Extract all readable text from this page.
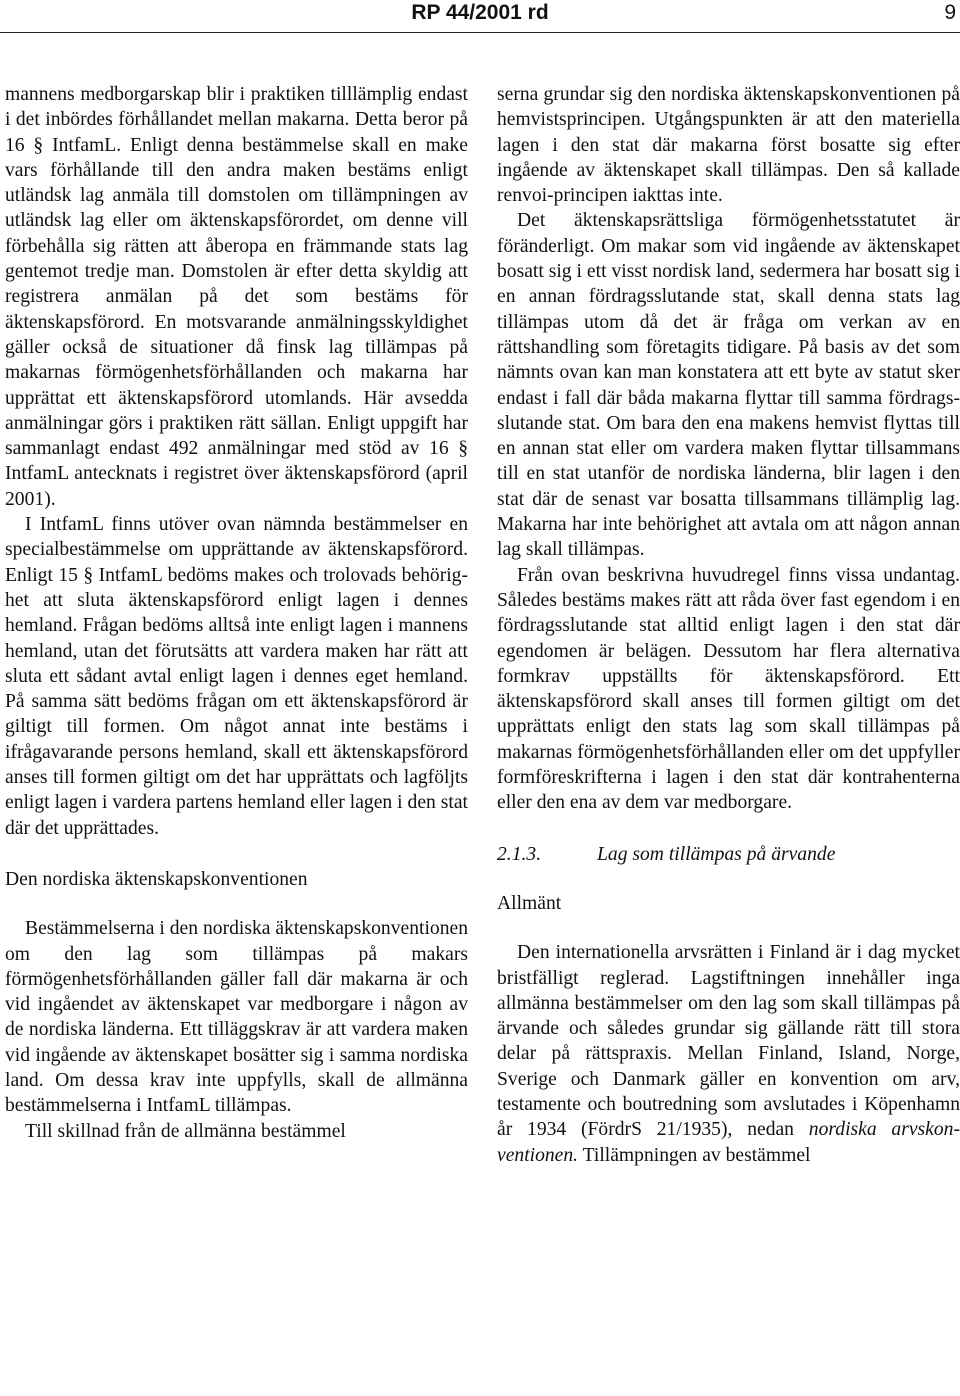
RP 44/2001 rd	9

mannens medborgarskap blir i praktiken tilllämplig endast i det inbördes förhållandet mellan makarna. Detta beror på 16 § IntfamL. Enligt denna bestämmelse skall en make vars förhållande till den andra maken bestäms enligt utländsk lag anmäla till domstolen om tillämpningen av utländsk lag eller om äktenskapsförordet, om denne vill förbehålla sig rätten att åberopa en främmande stats lag gentemot tredje man. Domstolen är efter detta skyldig att registrera anmälan på det som bestäms för äktenskapsförord. En motsvarande anmälningsskyldighet gäller också de situationer då finsk lag tillämpas på makarnas förmögenhetsförhållanden och makarna har upprättat ett äktenskapsförord utomlands. Här avsedda anmälningar görs i praktiken rätt sällan. Enligt uppgift har sammanlagt endast 492 anmälningar med stöd av 16 § IntfamL antecknats i registret över äktenskapsförord (april 2001).

I IntfamL finns utöver ovan nämnda bestämmelser en specialbestämmelse om upprättande av äktenskapsförord. Enligt 15 § IntfamL bedöms makes och trolovads behörighet att sluta äktenskapsförord enligt lagen i dennes hemland. Frågan bedöms alltså inte enligt lagen i mannens hemland, utan det förutsätts att vardera maken har rätt att sluta ett sådant avtal enligt lagen i dennes eget hemland. På samma sätt bedöms frågan om ett äktenskapsförord är giltigt till formen. Om något annat inte bestäms i ifrågavarande persons hemland, skall ett äktenskapsförord anses till formen giltigt om det har upprättats och lagföljts enligt lagen i vardera partens hemland eller lagen i den stat där det upprättades.

Den nordiska äktenskapskonventionen

Bestämmelserna i den nordiska äktenskapskonventionen om den lag som tillämpas på makars förmögenhetsförhållanden gäller fall där makarna är och vid ingåendet av äktenskapet var medborgare i någon av de nordiska länderna. Ett tilläggskrav är att vardera maken vid ingående av äktenskapet bosätter sig i samma nordiska land. Om dessa krav inte uppfylls, skall de allmänna bestämmelserna i IntfamL tillämpas.

Till skillnad från de allmänna bestämmel

serna grundar sig den nordiska äktenskapskonventionen på hemvistsprincipen. Utgångspunkten är att den materiella lagen i den stat där makarna först bosatte sig efter ingående av äktenskapet skall tillämpas. Den så kallade renvoi-principen iakttas inte.

Det äktenskapsrättsliga förmögenhetsstatutet är föränderligt. Om makar som vid ingående av äktenskapet bosatt sig i ett visst nordisk land, sedermera har bosatt sig i en annan fördragsslutande stat, skall denna stats lag tillämpas utom då det är fråga om verkan av en rättshandling som företagits tidigare. På basis av det som nämnts ovan kan man konstatera att ett byte av statut sker endast i fall där båda makarna flyttar till samma fördragsslutande stat. Om bara den ena makens hemvist flyttas till en annan stat eller om vardera maken flyttar tillsammans till en stat utanför de nordiska länderna, blir lagen i den stat där de senast var bosatta tillsammans tillämplig lag. Makarna har inte behörighet att avtala om att någon annan lag skall tillämpas.

Från ovan beskrivna huvudregel finns vissa undantag. Således bestäms makes rätt att råda över fast egendom i en fördragsslutande stat alltid enligt lagen i den stat där egendomen är belägen. Dessutom har flera alternativa formkrav uppställts för äktenskapsförord. Ett äktenskapsförord skall anses till formen giltigt om det upprättats enligt den stats lag som skall tillämpas på makarnas förmögenhetsförhållanden eller om det uppfyller formföreskrifterna i lagen i den stat där kontrahenterna eller den ena av dem var medborgare.

2.1.3.	Lag som tillämpas på ärvande

Allmänt

Den internationella arvsrätten i Finland är i dag mycket bristfälligt reglerad. Lagstiftningen innehåller inga allmänna bestämmelser om den lag som skall tillämpas på ärvande och således grundar sig gällande rätt till stora delar på rättspraxis. Mellan Finland, Island, Norge, Sverige och Danmark gäller en konvention om arv, testamente och boutredning som avslutades i Köpenhamn år 1934 (FördrS 21/1935), nedan nordiska arvskonventionen. Tillämpningen av bestämmel
